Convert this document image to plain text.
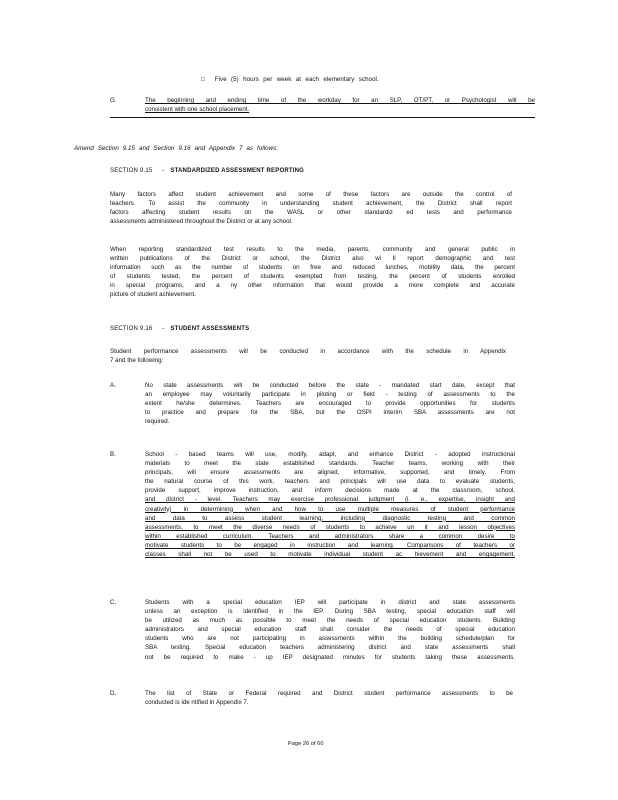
□ Five (5) hours per week at each elementary school.
G.	The beginning and ending time of the workday for an SLP, OT/PT, or Psychologist will be
consistent with one school placement.
Amend Section 9.15 and Section 9.16 and Appendix 7 as follows:
SECTION 9.15 - STANDARDIZED ASSESSMENT REPORTING
Many factors affect student achievement and some of these factors are outside the control of
teachers. To assist the community in understanding student achievement, the District shall report
factors affecting student results on the WASL or other standardiz ed tests and performance
assessments administered throughout the District or at any school.
When reporting standardized test results to the media, parents, community and general public in
written publications of the District or school, the District also wi ll report demographic and test
information such as the number of students on free and reduced lunches, mobility data, the percent
of students tested, the percent of students exempted from testing, the percent of students enrolled
in special programs, and a ny other information that would provide a more complete and accurate
picture of student achievement.
SECTION 9.16 - STUDENT ASSESSMENTS
Student performance assessments will be conducted in accordance with the schedule in Appendix
7 and the following:
A.	No state assessments will be conducted before the state - mandated start date, except that
an employee may voluntarily participate in piloting or field - testing of assessments to the
extent he/she determines. Teachers are encouraged to provide opportunities for students
to practice and prepare for the SBA, but the OSPI interim SBA assessments are not
required.
B.	School - based teams will use, modify, adapt, and enhance District - adopted instructional
materials to meet the state established standards. Teacher teams, working with their
principals, will ensure assessments are aligned, informative, supported, and timely. From
the natural course of this work, teachers and principals will use data to evaluate students,
provide support, improve instruction, and inform decisions made at the classroom, school,
and district - level. Teachers may exercise professional judgment (i. e., expertise, insight and
creativity) in determining when and how to use multiple measures of student performance
and data to assess student learning, including diagnostic testing and common
assessments, to meet the diverse needs of students to achieve un it and lesson objectives
within established curriculum. Teachers and administrators share a common desire to
motivate students to be engaged in instruction and learning. Comparisons of teachers or
classes shall not be used to motivate individual student ac hievement and engagement.
C.	Students with a special education IEP will participate in district and state assessments
unless an exception is identified in the IEP. During SBA testing, special education staff will
be utilized as much as possible to meet the needs of special education students. Building
administrators and special education staff shall consider the needs of special education
students who are not participating in assessments within the building schedule/plan for
SBA testing. Special education teachers administering district and state assessments shall
not be required to make - up IEP designated minutes for students taking these assessments.
D.	The list of State or Federal required and District student performance assessments to be
conducted is ide ntified in Appendix 7.
Page 26 of 60
